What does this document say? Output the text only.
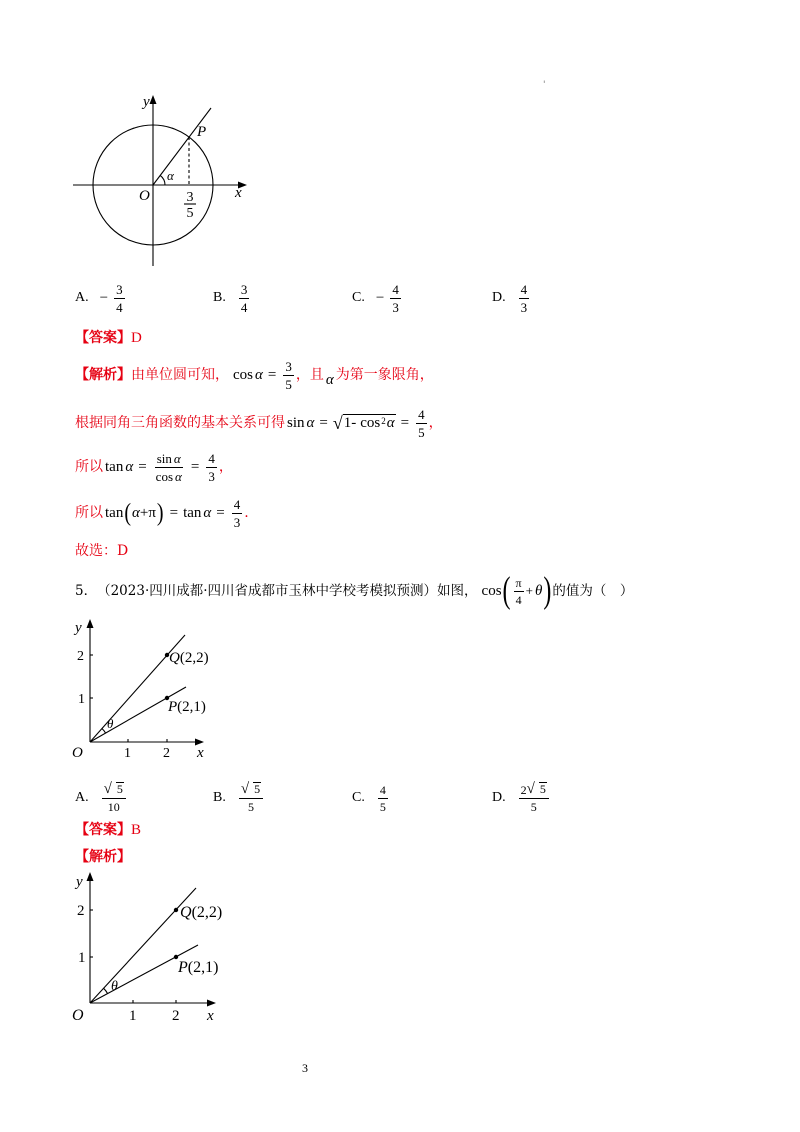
'
y
x
O
α
P
3
5
A. − $\frac{3}{4}$	B. $\frac{3}{4}$	C. − $\frac{4}{3}$	D. $\frac{4}{3}$
【答案】 D
【解析】 由单位圆可知， $\cos \alpha = \frac{3}{5}$ ，且 α 为第一象限角，
根据同角三角函数的基本关系可得 sin α = √ 1- cos 2 $\alpha = \frac{4}{5}$ ，
所以 $\tan \alpha = \frac{\text{sin α}}{\text{cos α}} = \frac{4}{3}$ ，
所以 tan ( α + π ) = $\tan \alpha = \frac{4}{3}$ .
故选：D
5． （2023·四川成都·四川省成都市玉林中学校考模拟预测）如图， cos ( $\frac{\pi}{4} + \theta$ ) 的值为（　）
y
2
1
O	1 2 x
θ
Q(2,2)
P(2,1)
A. $\frac{√ 5}{10}$	B. $\frac{√ 5}{5}$	C. $\frac{4}{5}$	D. $\frac{2 √ 5}{5}$
【答案】 B
【解析】
y
2
1
O	1 2 x
θ
Q(2,2)
P(2,1)
3
